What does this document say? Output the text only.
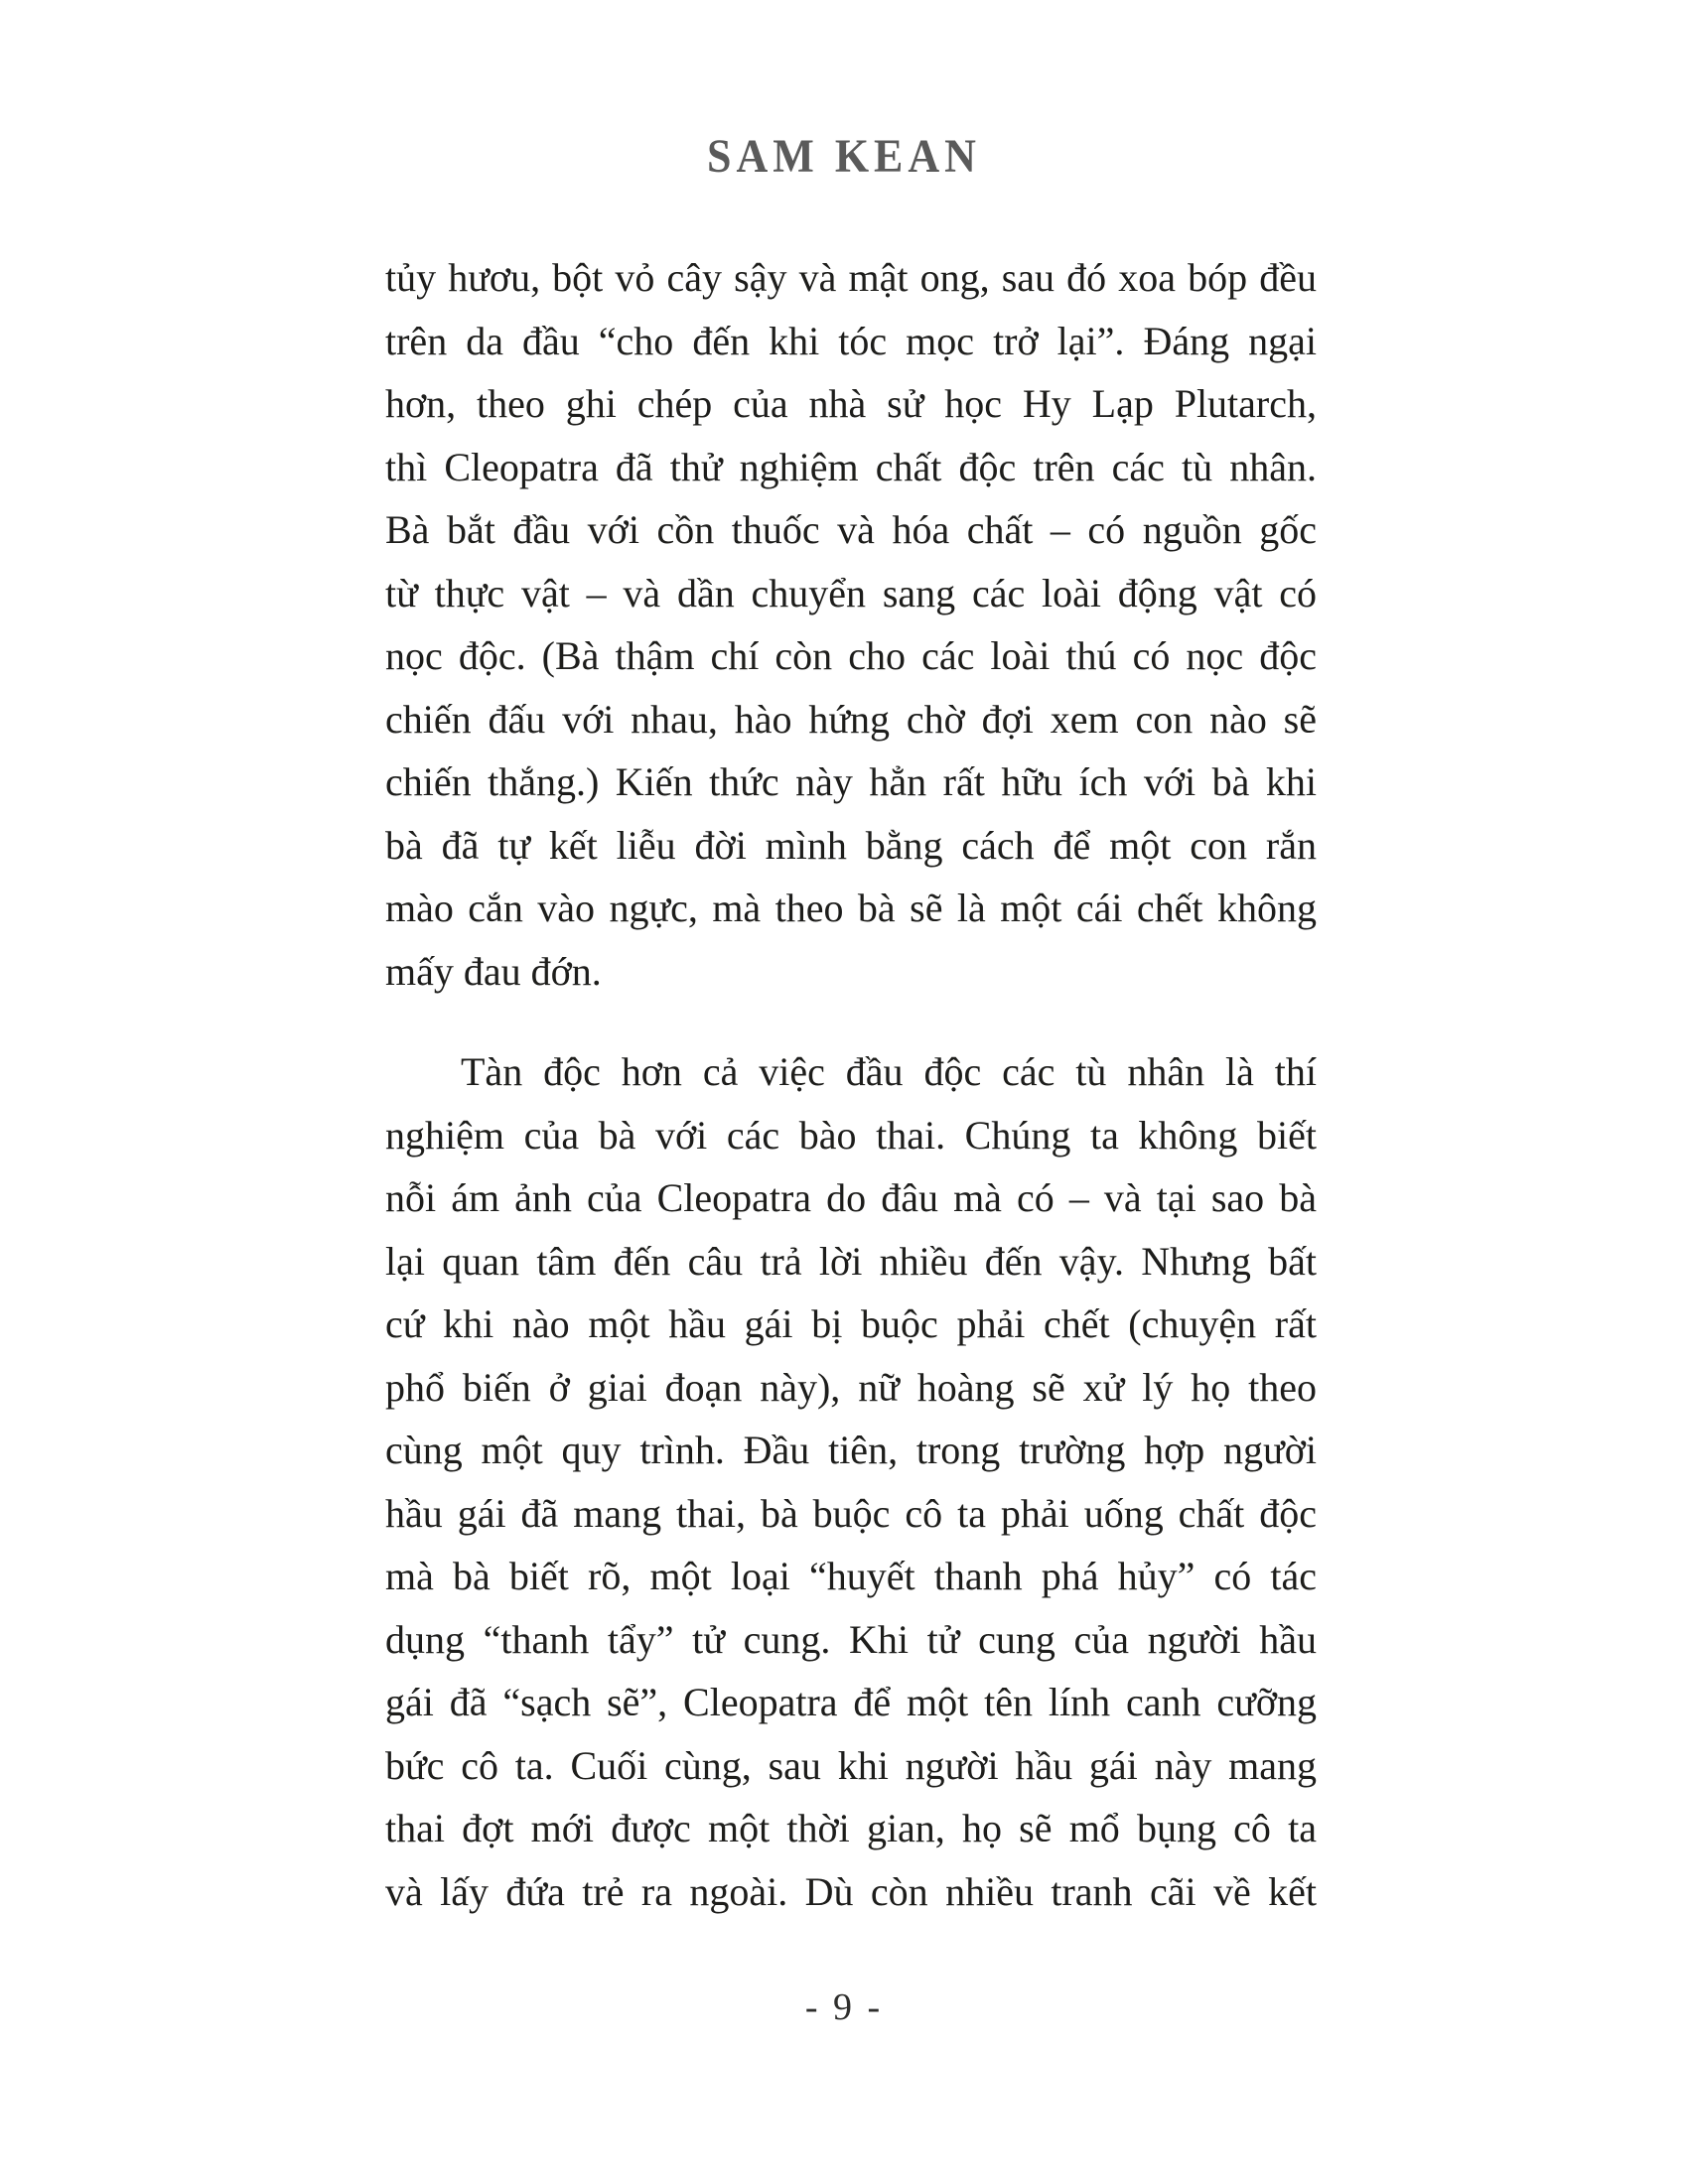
SAM KEAN

tủy hươu, bột vỏ cây sậy và mật ong, sau đó xoa bóp đều
trên da đầu “cho đến khi tóc mọc trở lại”. Đáng ngại
hơn, theo ghi chép của nhà sử học Hy Lạp Plutarch,
thì Cleopatra đã thử nghiệm chất độc trên các tù nhân.
Bà bắt đầu với cồn thuốc và hóa chất – có nguồn gốc
từ thực vật – và dần chuyển sang các loài động vật có
nọc độc. (Bà thậm chí còn cho các loài thú có nọc độc
chiến đấu với nhau, hào hứng chờ đợi xem con nào sẽ
chiến thắng.) Kiến thức này hẳn rất hữu ích với bà khi
bà đã tự kết liễu đời mình bằng cách để một con rắn
mào cắn vào ngực, mà theo bà sẽ là một cái chết không
mấy đau đớn.

Tàn độc hơn cả việc đầu độc các tù nhân là thí
nghiệm của bà với các bào thai. Chúng ta không biết
nỗi ám ảnh của Cleopatra do đâu mà có – và tại sao bà
lại quan tâm đến câu trả lời nhiều đến vậy. Nhưng bất
cứ khi nào một hầu gái bị buộc phải chết (chuyện rất
phổ biến ở giai đoạn này), nữ hoàng sẽ xử lý họ theo
cùng một quy trình. Đầu tiên, trong trường hợp người
hầu gái đã mang thai, bà buộc cô ta phải uống chất độc
mà bà biết rõ, một loại “huyết thanh phá hủy” có tác
dụng “thanh tẩy” tử cung. Khi tử cung của người hầu
gái đã “sạch sẽ”, Cleopatra để một tên lính canh cưỡng
bức cô ta. Cuối cùng, sau khi người hầu gái này mang
thai đợt mới được một thời gian, họ sẽ mổ bụng cô ta
và lấy đứa trẻ ra ngoài. Dù còn nhiều tranh cãi về kết

- 9 -
